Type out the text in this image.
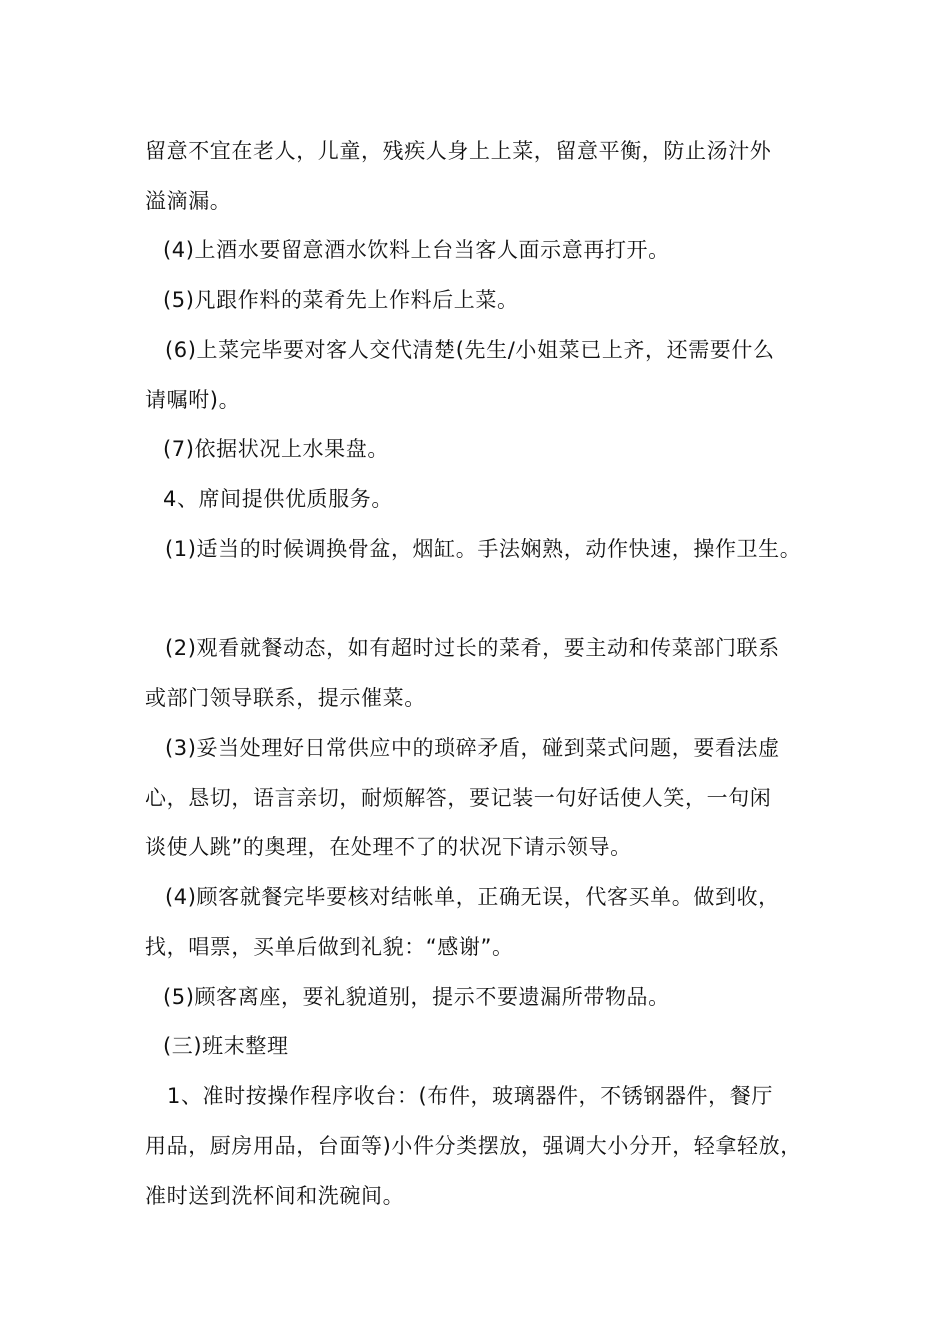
留意不宜在老人，儿童，残疾人身上上菜，留意平衡，防止汤汁外
溢滴漏。
(4)上酒水要留意酒水饮料上台当客人面示意再打开。
(5)凡跟作料的菜肴先上作料后上菜。
(6)上菜完毕要对客人交代清楚(先生/小姐菜已上齐，还需要什么
请嘱咐)。
(7)依据状况上水果盘。
4、席间提供优质服务。
(1)适当的时候调换骨盆，烟缸。手法娴熟，动作快速，操作卫生。
(2)观看就餐动态，如有超时过长的菜肴，要主动和传菜部门联系
或部门领导联系，提示催菜。
(3)妥当处理好日常供应中的琐碎矛盾，碰到菜式问题，要看法虚
心，恳切，语言亲切，耐烦解答，要记装一句好话使人笑，一句闲
谈使人跳”的奥理，在处理不了的状况下请示领导。
(4)顾客就餐完毕要核对结帐单，正确无误，代客买单。做到收，
找，唱票，买单后做到礼貌：“感谢”。
(5)顾客离座，要礼貌道别，提示不要遗漏所带物品。
(三)班末整理
1、准时按操作程序收台：(布件，玻璃器件，不锈钢器件，餐厅
用品，厨房用品，台面等)小件分类摆放，强调大小分开，轻拿轻放，
准时送到洗杯间和洗碗间。
